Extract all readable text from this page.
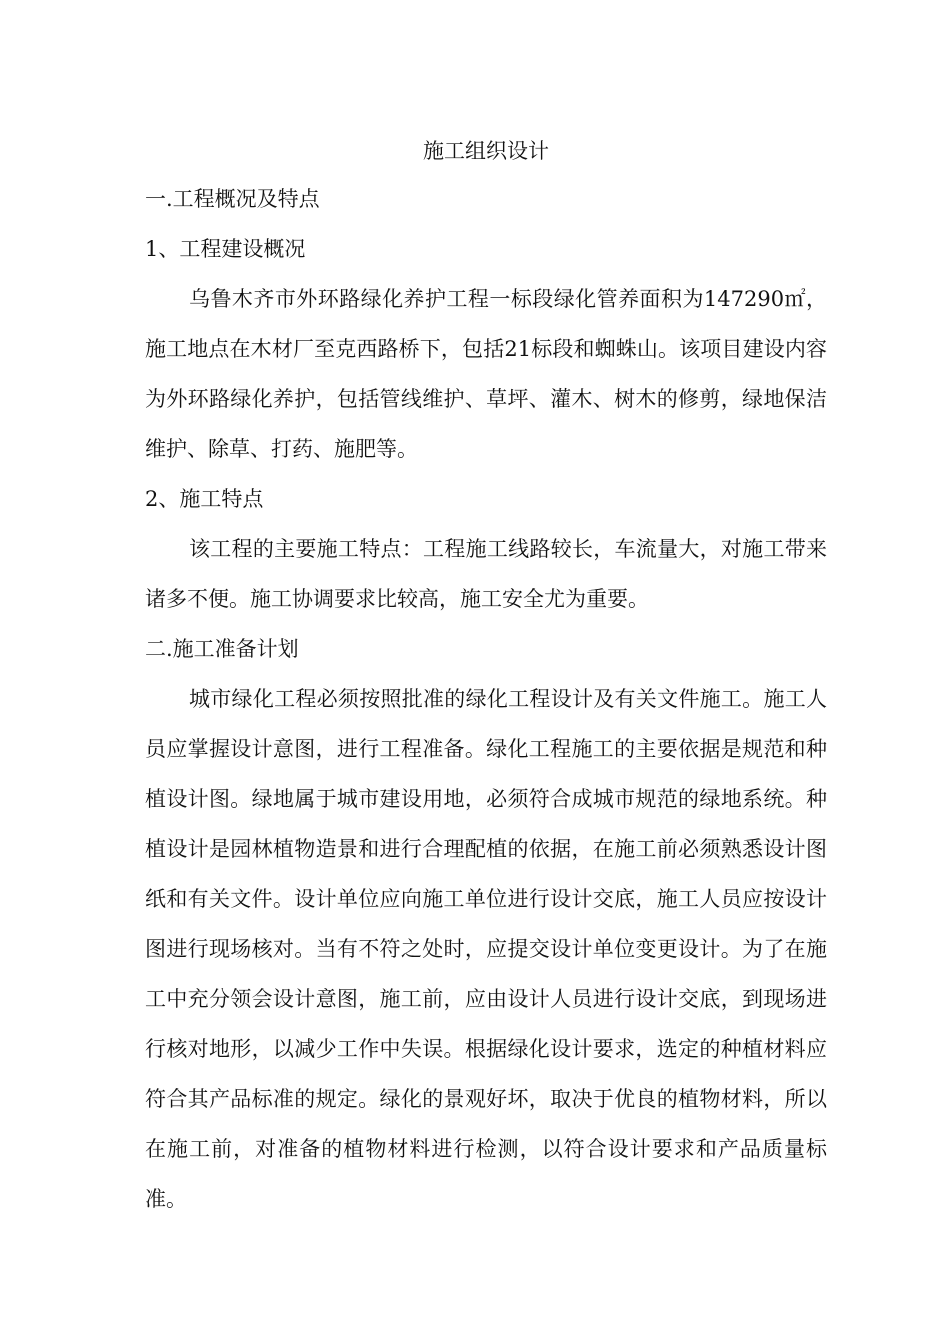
施工组织设计

一.工程概况及特点

1、工程建设概况

乌鲁木齐市外环路绿化养护工程一标段绿化管养面积为147290㎡，施工地点在木材厂至克西路桥下，包括21标段和蜘蛛山。该项目建设内容为外环路绿化养护，包括管线维护、草坪、灌木、树木的修剪，绿地保洁维护、除草、打药、施肥等。

2、施工特点

该工程的主要施工特点：工程施工线路较长，车流量大，对施工带来诸多不便。施工协调要求比较高，施工安全尤为重要。

二.施工准备计划

城市绿化工程必须按照批准的绿化工程设计及有关文件施工。施工人员应掌握设计意图，进行工程准备。绿化工程施工的主要依据是规范和种植设计图。绿地属于城市建设用地，必须符合成城市规范的绿地系统。种植设计是园林植物造景和进行合理配植的依据，在施工前必须熟悉设计图纸和有关文件。设计单位应向施工单位进行设计交底，施工人员应按设计图进行现场核对。当有不符之处时，应提交设计单位变更设计。为了在施工中充分领会设计意图，施工前，应由设计人员进行设计交底，到现场进行核对地形，以减少工作中失误。根据绿化设计要求，选定的种植材料应符合其产品标准的规定。绿化的景观好坏，取决于优良的植物材料，所以在施工前，对准备的植物材料进行检测，以符合设计要求和产品质量标准。
